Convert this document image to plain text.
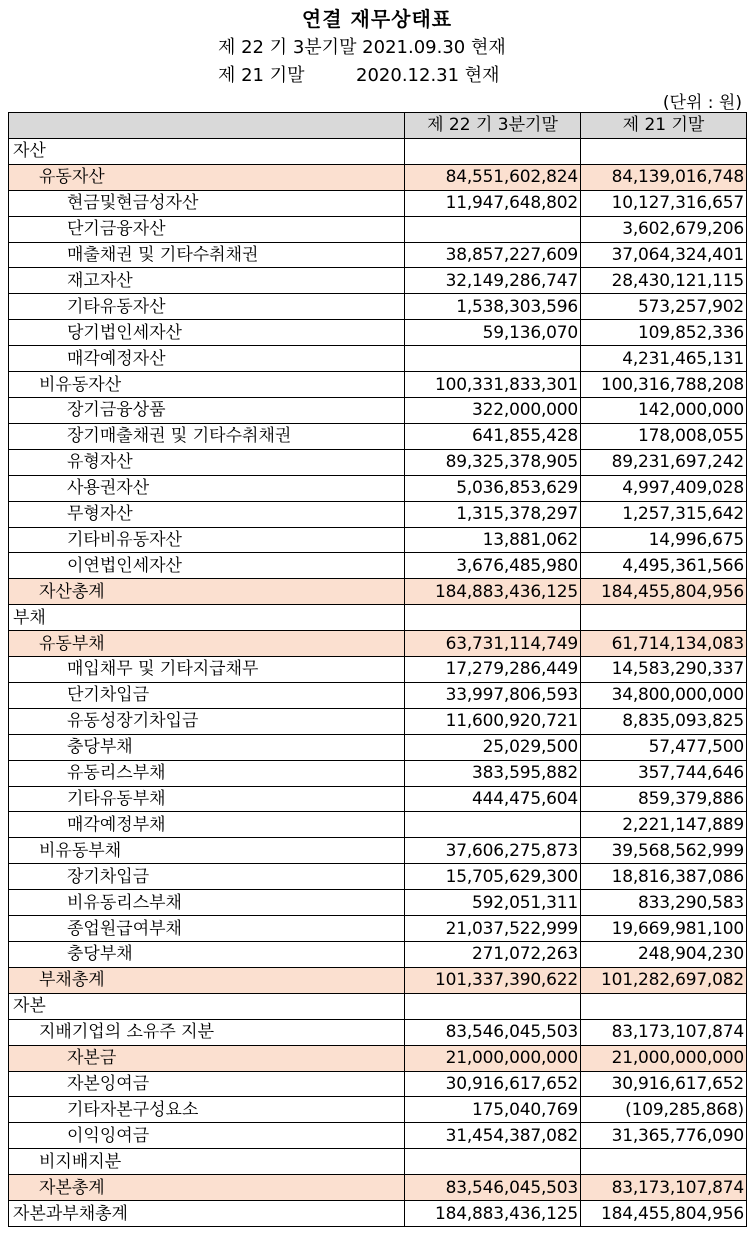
연결 재무상태표
제 22 기 3분기말 2021.09.30 현재
제 21 기말         2020.12.31 현재
(단위 : 원)
	제 22 기 3분기말	제 21 기말
자산		
유동자산	84,551,602,824	84,139,016,748
현금및현금성자산	11,947,648,802	10,127,316,657
단기금융자산		3,602,679,206
매출채권 및 기타수취채권	38,857,227,609	37,064,324,401
재고자산	32,149,286,747	28,430,121,115
기타유동자산	1,538,303,596	573,257,902
당기법인세자산	59,136,070	109,852,336
매각예정자산		4,231,465,131
비유동자산	100,331,833,301	100,316,788,208
장기금융상품	322,000,000	142,000,000
장기매출채권 및 기타수취채권	641,855,428	178,008,055
유형자산	89,325,378,905	89,231,697,242
사용권자산	5,036,853,629	4,997,409,028
무형자산	1,315,378,297	1,257,315,642
기타비유동자산	13,881,062	14,996,675
이연법인세자산	3,676,485,980	4,495,361,566
자산총계	184,883,436,125	184,455,804,956
부채		
유동부채	63,731,114,749	61,714,134,083
매입채무 및 기타지급채무	17,279,286,449	14,583,290,337
단기차입금	33,997,806,593	34,800,000,000
유동성장기차입금	11,600,920,721	8,835,093,825
충당부채	25,029,500	57,477,500
유동리스부채	383,595,882	357,744,646
기타유동부채	444,475,604	859,379,886
매각예정부채		2,221,147,889
비유동부채	37,606,275,873	39,568,562,999
장기차입금	15,705,629,300	18,816,387,086
비유동리스부채	592,051,311	833,290,583
종업원급여부채	21,037,522,999	19,669,981,100
충당부채	271,072,263	248,904,230
부채총계	101,337,390,622	101,282,697,082
자본		
지배기업의 소유주 지분	83,546,045,503	83,173,107,874
자본금	21,000,000,000	21,000,000,000
자본잉여금	30,916,617,652	30,916,617,652
기타자본구성요소	175,040,769	(109,285,868)
이익잉여금	31,454,387,082	31,365,776,090
비지배지분		
자본총계	83,546,045,503	83,173,107,874
자본과부채총계	184,883,436,125	184,455,804,956
